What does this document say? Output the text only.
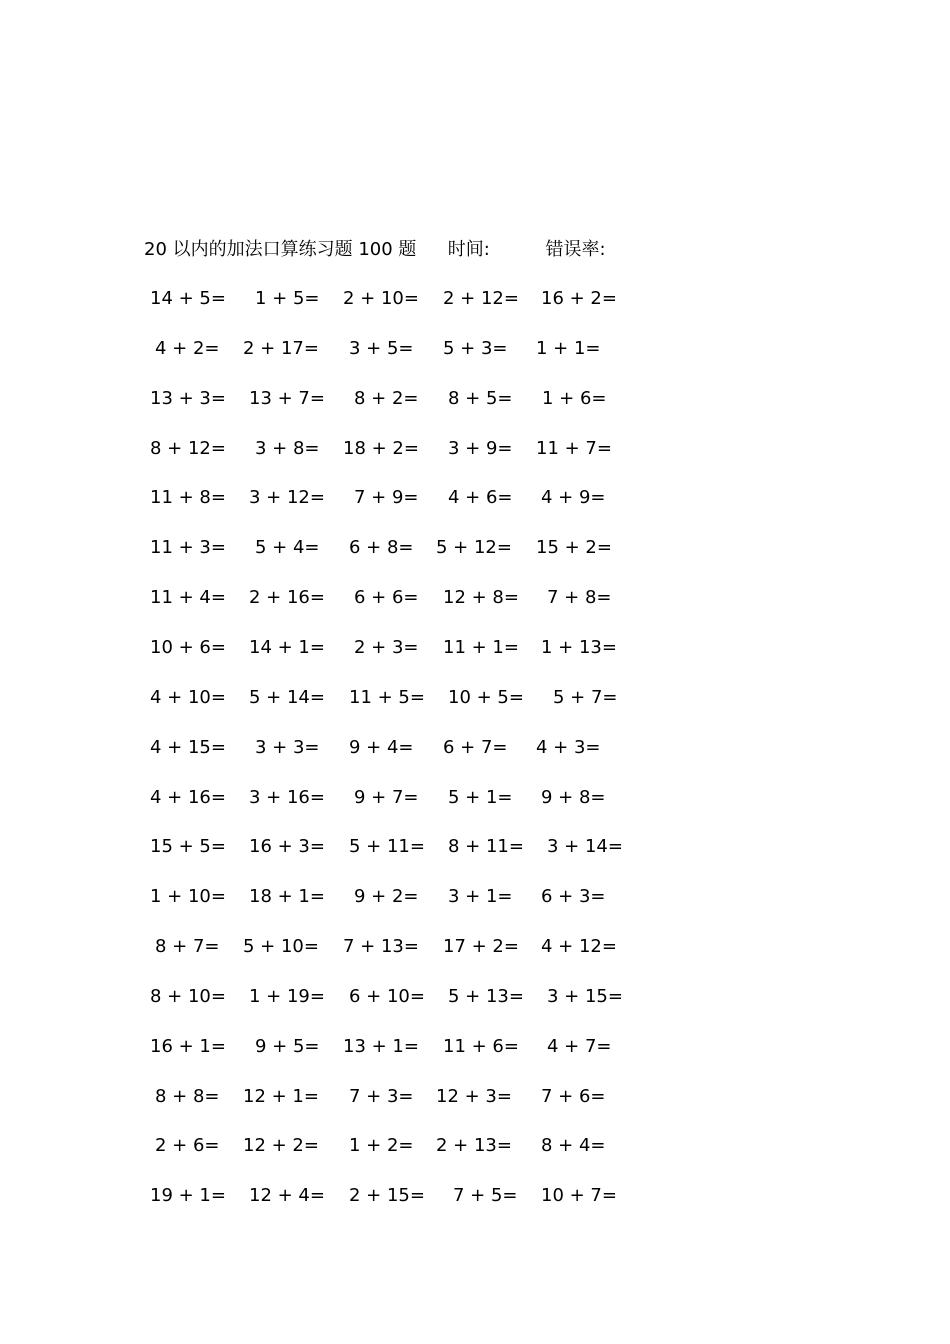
20 以内的加法口算练习题 100 题 时间:	错误率:
14 + 5= 1 + 5= 2 + 10= 2 + 12= 16 + 2=
4 + 2= 2 + 17= 3 + 5= 5 + 3= 1 + 1=
13 + 3= 13 + 7= 8 + 2= 8 + 5= 1 + 6=
8 + 12= 3 + 8= 18 + 2= 3 + 9= 11 + 7=
11 + 8= 3 + 12= 7 + 9= 4 + 6= 4 + 9=
11 + 3= 5 + 4= 6 + 8= 5 + 12= 15 + 2=
11 + 4= 2 + 16= 6 + 6= 12 + 8= 7 + 8=
10 + 6= 14 + 1= 2 + 3= 11 + 1= 1 + 13=
4 + 10= 5 + 14= 11 + 5= 10 + 5= 5 + 7=
4 + 15= 3 + 3= 9 + 4= 6 + 7= 4 + 3=
4 + 16= 3 + 16= 9 + 7= 5 + 1= 9 + 8=
15 + 5= 16 + 3= 5 + 11= 8 + 11= 3 + 14=
1 + 10= 18 + 1= 9 + 2= 3 + 1= 6 + 3=
8 + 7= 5 + 10= 7 + 13= 17 + 2= 4 + 12=
8 + 10= 1 + 19= 6 + 10= 5 + 13= 3 + 15=
16 + 1= 9 + 5= 13 + 1= 11 + 6= 4 + 7=
8 + 8= 12 + 1= 7 + 3= 12 + 3= 7 + 6=
2 + 6= 12 + 2= 1 + 2= 2 + 13= 8 + 4=
19 + 1= 12 + 4= 2 + 15= 7 + 5= 10 + 7=
